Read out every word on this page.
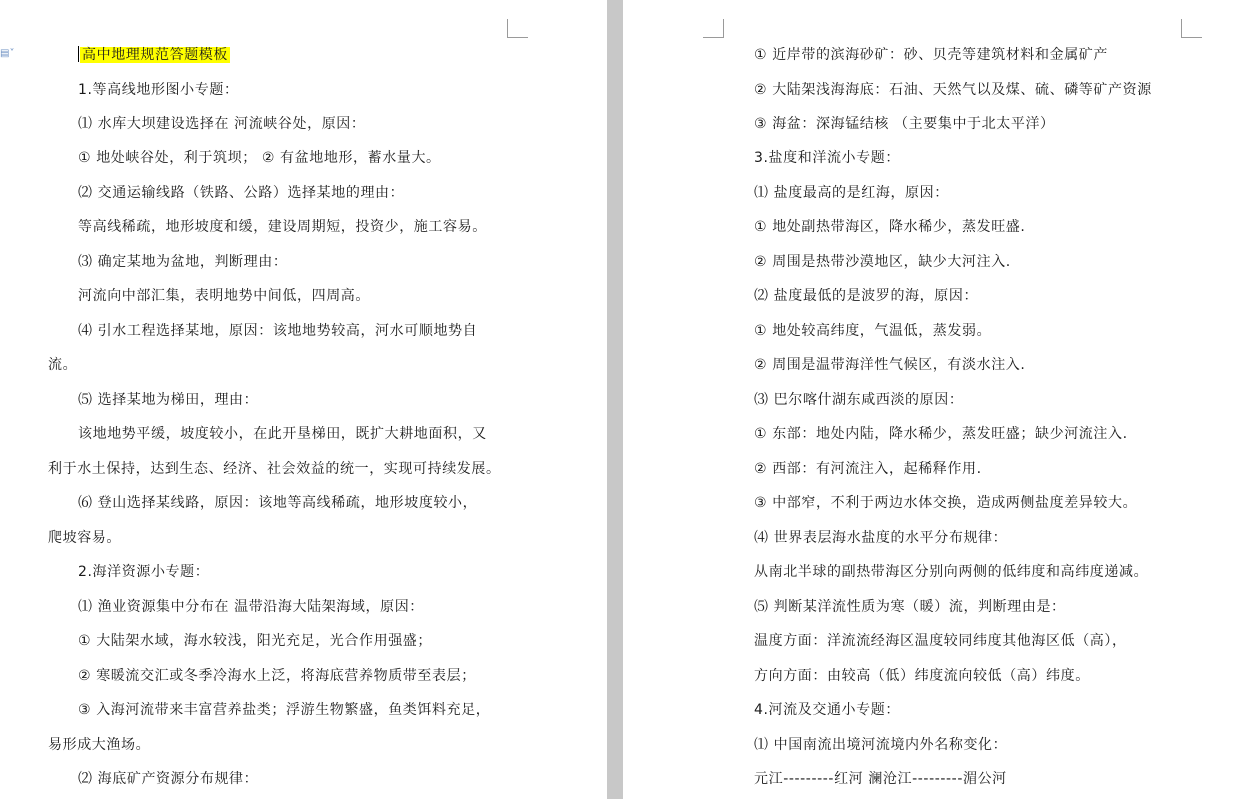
▤˅	高中地理规范答题模板
1.等高线地形图小专题：
⑴ 水库大坝建设选择在 河流峡谷处，原因：
① 地处峡谷处，利于筑坝； ② 有盆地地形，蓄水量大。
⑵ 交通运输线路（铁路、公路）选择某地的理由：
等高线稀疏，地形坡度和缓，建设周期短，投资少，施工容易。
⑶ 确定某地为盆地，判断理由：
河流向中部汇集，表明地势中间低，四周高。
⑷ 引水工程选择某地，原因：该地地势较高，河水可顺地势自
流。
⑸ 选择某地为梯田，理由：
该地地势平缓，坡度较小，在此开垦梯田，既扩大耕地面积，又
利于水土保持，达到生态、经济、社会效益的统一，实现可持续发展。
⑹ 登山选择某线路，原因：该地等高线稀疏，地形坡度较小，
爬坡容易。
2.海洋资源小专题：
⑴ 渔业资源集中分布在 温带沿海大陆架海域，原因：
① 大陆架水域，海水较浅，阳光充足，光合作用强盛；
② 寒暖流交汇或冬季冷海水上泛，将海底营养物质带至表层；
③ 入海河流带来丰富营养盐类；浮游生物繁盛，鱼类饵料充足，
易形成大渔场。
⑵ 海底矿产资源分布规律：
① 近岸带的滨海砂矿：砂、贝壳等建筑材料和金属矿产
② 大陆架浅海海底：石油、天然气以及煤、硫、磷等矿产资源
③ 海盆：深海锰结核 （主要集中于北太平洋）
3.盐度和洋流小专题：
⑴ 盐度最高的是红海，原因：
① 地处副热带海区，降水稀少，蒸发旺盛.
② 周围是热带沙漠地区，缺少大河注入.
⑵ 盐度最低的是波罗的海，原因：
① 地处较高纬度，气温低，蒸发弱。
② 周围是温带海洋性气候区，有淡水注入.
⑶ 巴尔喀什湖东咸西淡的原因：
① 东部：地处内陆，降水稀少，蒸发旺盛；缺少河流注入.
② 西部：有河流注入，起稀释作用.
③ 中部窄，不利于两边水体交换，造成两侧盐度差异较大。
⑷ 世界表层海水盐度的水平分布规律：
从南北半球的副热带海区分别向两侧的低纬度和高纬度递减。
⑸ 判断某洋流性质为寒（暖）流，判断理由是：
温度方面：洋流流经海区温度较同纬度其他海区低（高），
方向方面：由较高（低）纬度流向较低（高）纬度。
4.河流及交通小专题：
⑴ 中国南流出境河流境内外名称变化：
元江---------红河 澜沧江---------湄公河
